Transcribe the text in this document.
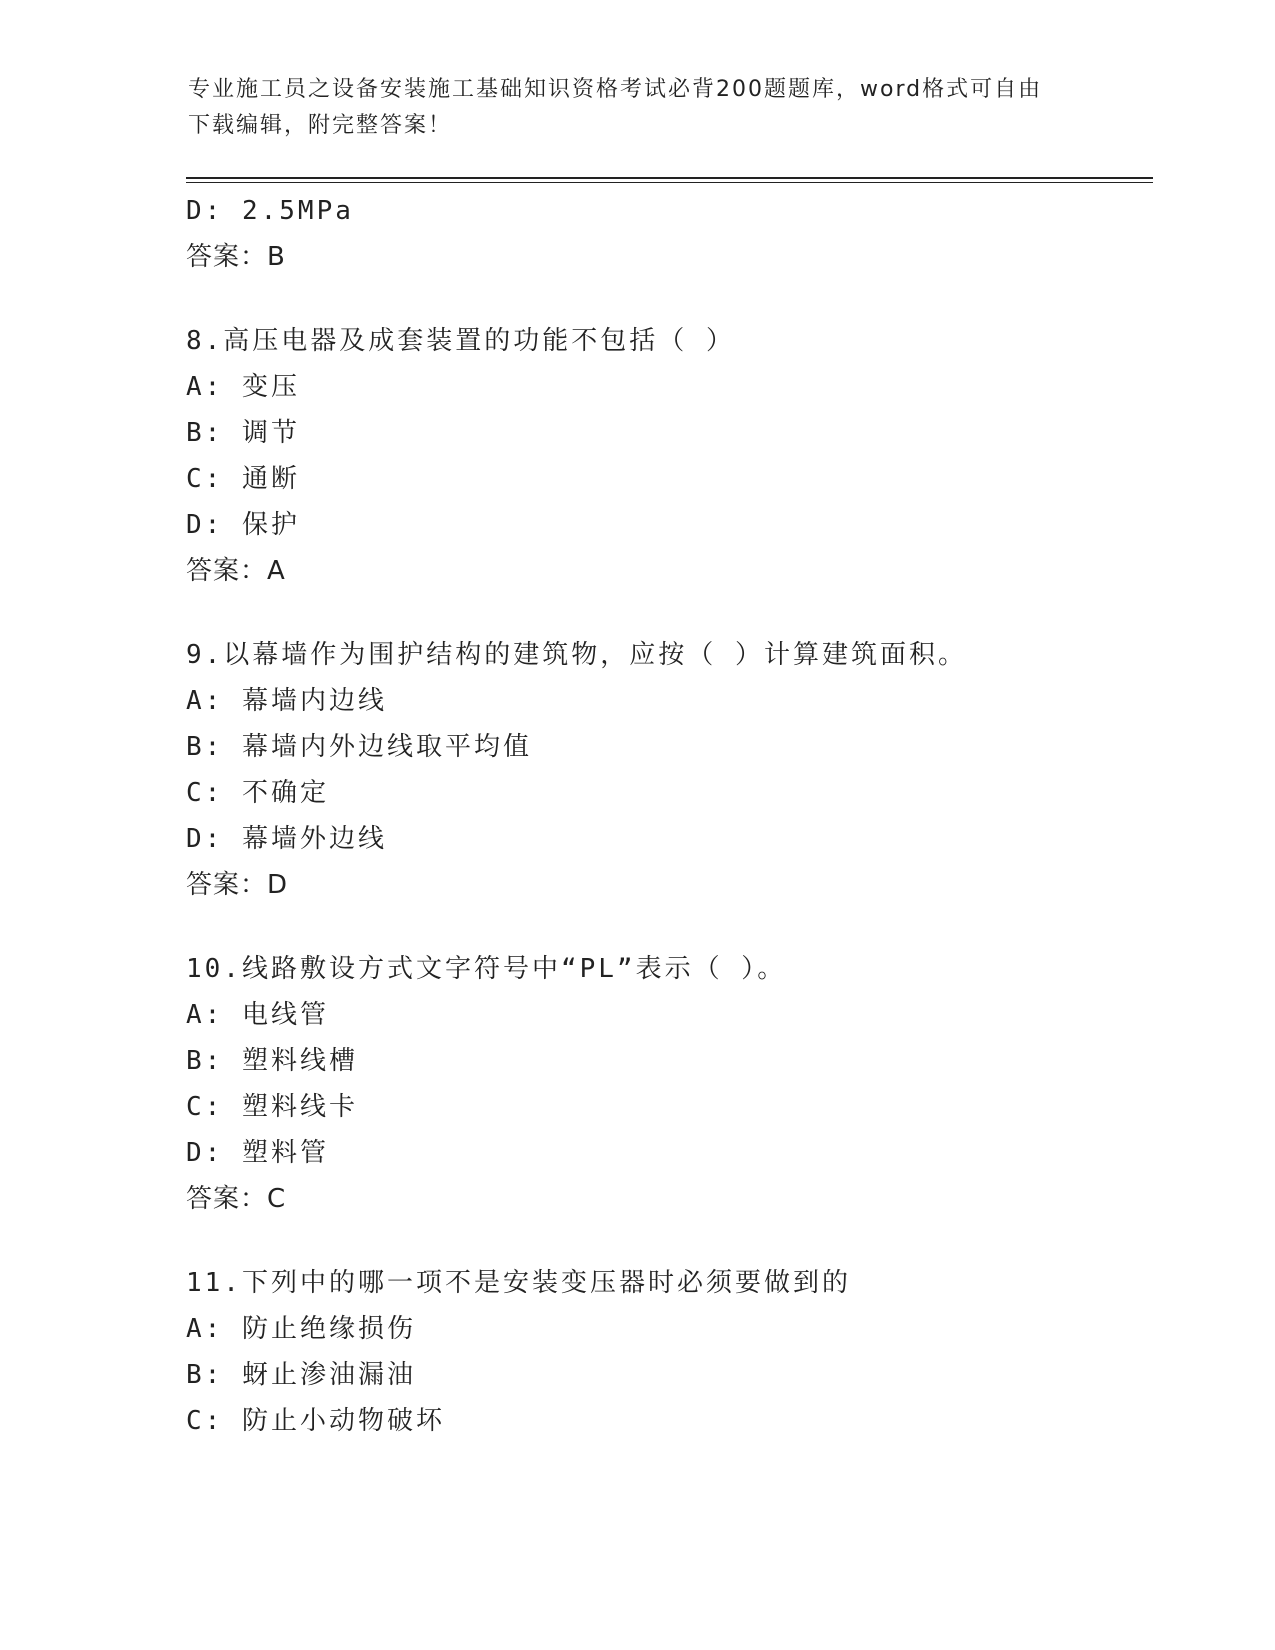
专业施工员之设备安装施工基础知识资格考试必背200题题库，word格式可自由
下载编辑，附完整答案！
D: 2.5MPa
答案：B
8.高压电器及成套装置的功能不包括（ ）
A: 变压
B: 调节
C: 通断
D: 保护
答案：A
9.以幕墙作为围护结构的建筑物，应按（ ）计算建筑面积。
A: 幕墙内边线
B: 幕墙内外边线取平均值
C: 不确定
D: 幕墙外边线
答案：D
10.线路敷设方式文字符号中“PL”表示（ ）。
A: 电线管
B: 塑料线槽
C: 塑料线卡
D: 塑料管
答案：C
11.下列中的哪一项不是安装变压器时必须要做到的
A: 防止绝缘损伤
B: 蚜止渗油漏油
C: 防止小动物破坏
